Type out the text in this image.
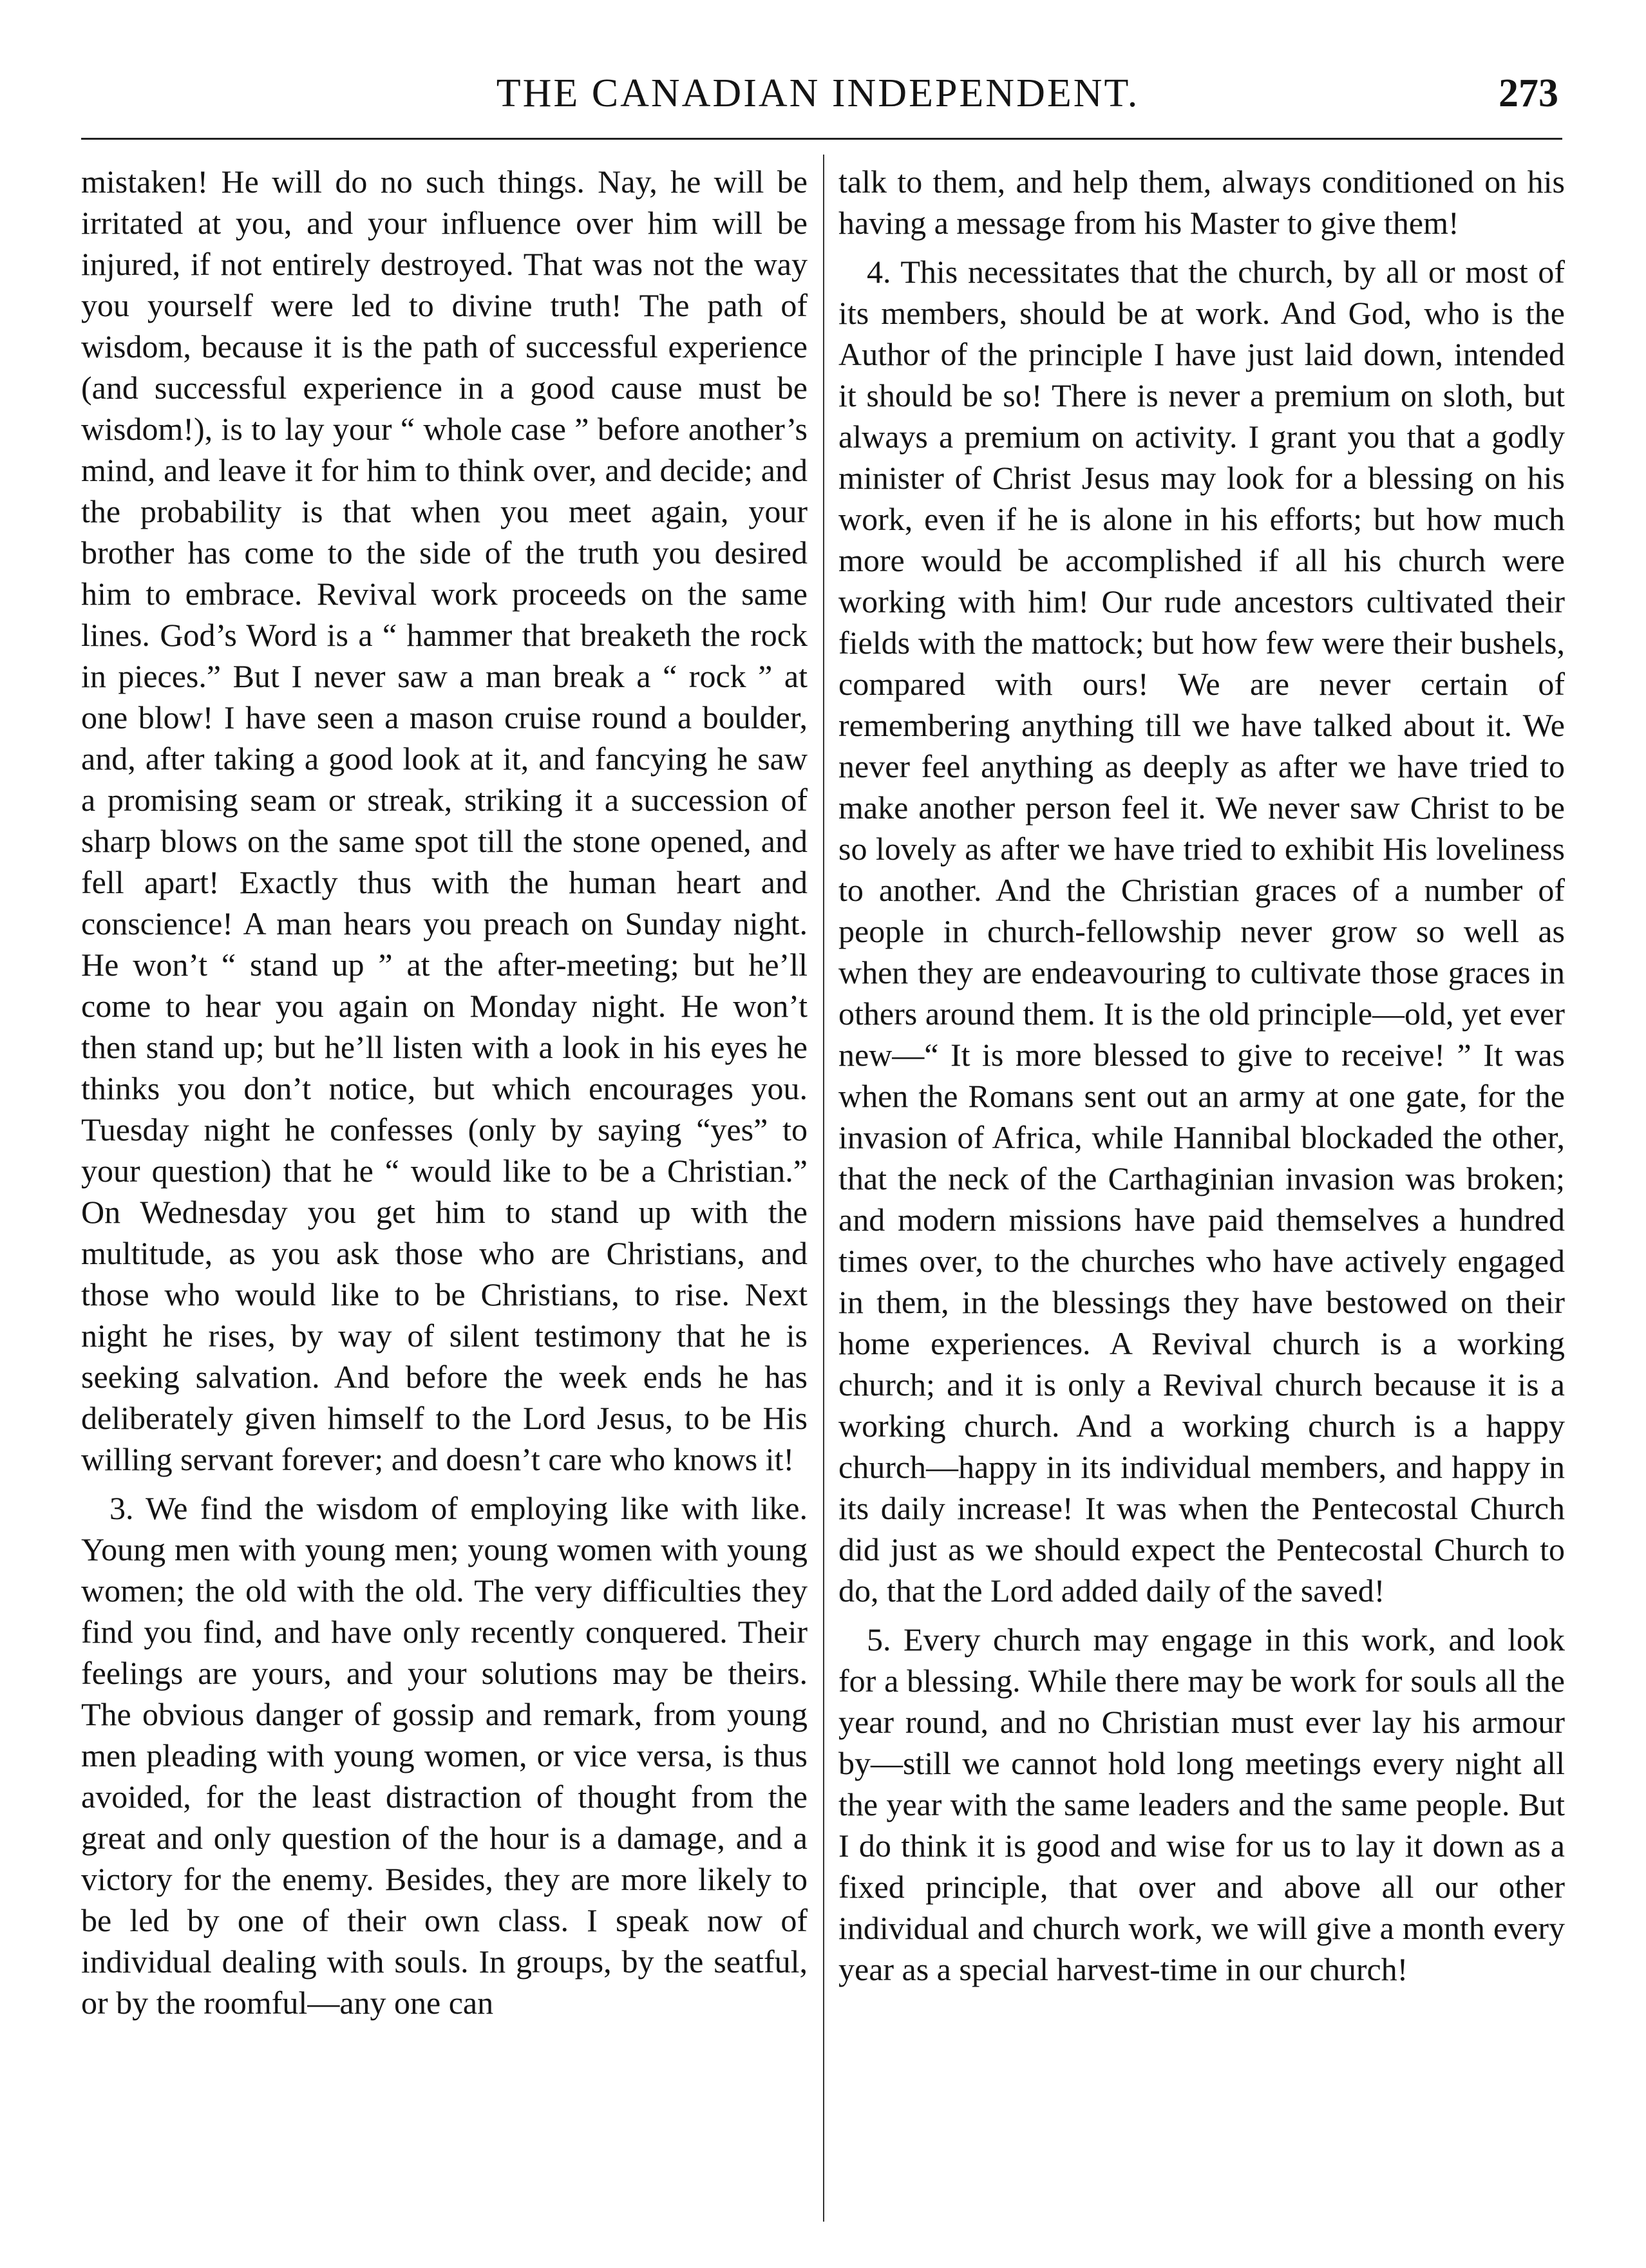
THE CANADIAN INDEPENDENT.	273

mistaken! He will do no such things. Nay, he will be irritated at you, and your influence over him will be injured, if not entirely destroyed. That was not the way you yourself were led to divine truth! The path of wisdom, because it is the path of successful experience (and successful experience in a good cause must be wisdom!), is to lay your “ whole case ” before another’s mind, and leave it for him to think over, and decide; and the probability is that when you meet again, your brother has come to the side of the truth you desired him to embrace. Revival work proceeds on the same lines. God’s Word is a “ hammer that breaketh the rock in pieces.” But I never saw a man break a “ rock ” at one blow! I have seen a mason cruise round a boulder, and, after taking a good look at it, and fancying he saw a promising seam or streak, striking it a succession of sharp blows on the same spot till the stone opened, and fell apart! Exactly thus with the human heart and conscience! A man hears you preach on Sunday night. He won’t “ stand up ” at the after-meeting; but he’ll come to hear you again on Monday night. He won’t then stand up; but he’ll listen with a look in his eyes he thinks you don’t notice, but which encourages you. Tuesday night he confesses (only by saying “yes” to your question) that he “ would like to be a Christian.” On Wednesday you get him to stand up with the multitude, as you ask those who are Christians, and those who would like to be Christians, to rise. Next night he rises, by way of silent testimony that he is seeking salvation. And before the week ends he has deliberately given himself to the Lord Jesus, to be His willing servant forever; and doesn’t care who knows it!

3. We find the wisdom of employing like with like. Young men with young men; young women with young women; the old with the old. The very difficulties they find you find, and have only recently conquered. Their feelings are yours, and your solutions may be theirs. The obvious danger of gossip and remark, from young men pleading with young women, or vice versa, is thus avoided, for the least distraction of thought from the great and only question of the hour is a damage, and a victory for the enemy. Besides, they are more likely to be led by one of their own class. I speak now of individual dealing with souls. In groups, by the seatful, or by the roomful—any one can

talk to them, and help them, always conditioned on his having a message from his Master to give them!

4. This necessitates that the church, by all or most of its members, should be at work. And God, who is the Author of the principle I have just laid down, intended it should be so! There is never a premium on sloth, but always a premium on activity. I grant you that a godly minister of Christ Jesus may look for a blessing on his work, even if he is alone in his efforts; but how much more would be accomplished if all his church were working with him! Our rude ancestors cultivated their fields with the mattock; but how few were their bushels, compared with ours! We are never certain of remembering anything till we have talked about it. We never feel anything as deeply as after we have tried to make another person feel it. We never saw Christ to be so lovely as after we have tried to exhibit His loveliness to another. And the Christian graces of a number of people in church-fellowship never grow so well as when they are endeavouring to cultivate those graces in others around them. It is the old principle—old, yet ever new—“ It is more blessed to give to receive! ” It was when the Romans sent out an army at one gate, for the invasion of Africa, while Hannibal blockaded the other, that the neck of the Carthaginian invasion was broken; and modern missions have paid themselves a hundred times over, to the churches who have actively engaged in them, in the blessings they have bestowed on their home experiences. A Revival church is a working church; and it is only a Revival church because it is a working church. And a working church is a happy church—happy in its individual members, and happy in its daily increase! It was when the Pentecostal Church did just as we should expect the Pentecostal Church to do, that the Lord added daily of the saved!

5. Every church may engage in this work, and look for a blessing. While there may be work for souls all the year round, and no Christian must ever lay his armour by—still we cannot hold long meetings every night all the year with the same leaders and the same people. But I do think it is good and wise for us to lay it down as a fixed principle, that over and above all our other individual and church work, we will give a month every year as a special harvest-time in our church!
